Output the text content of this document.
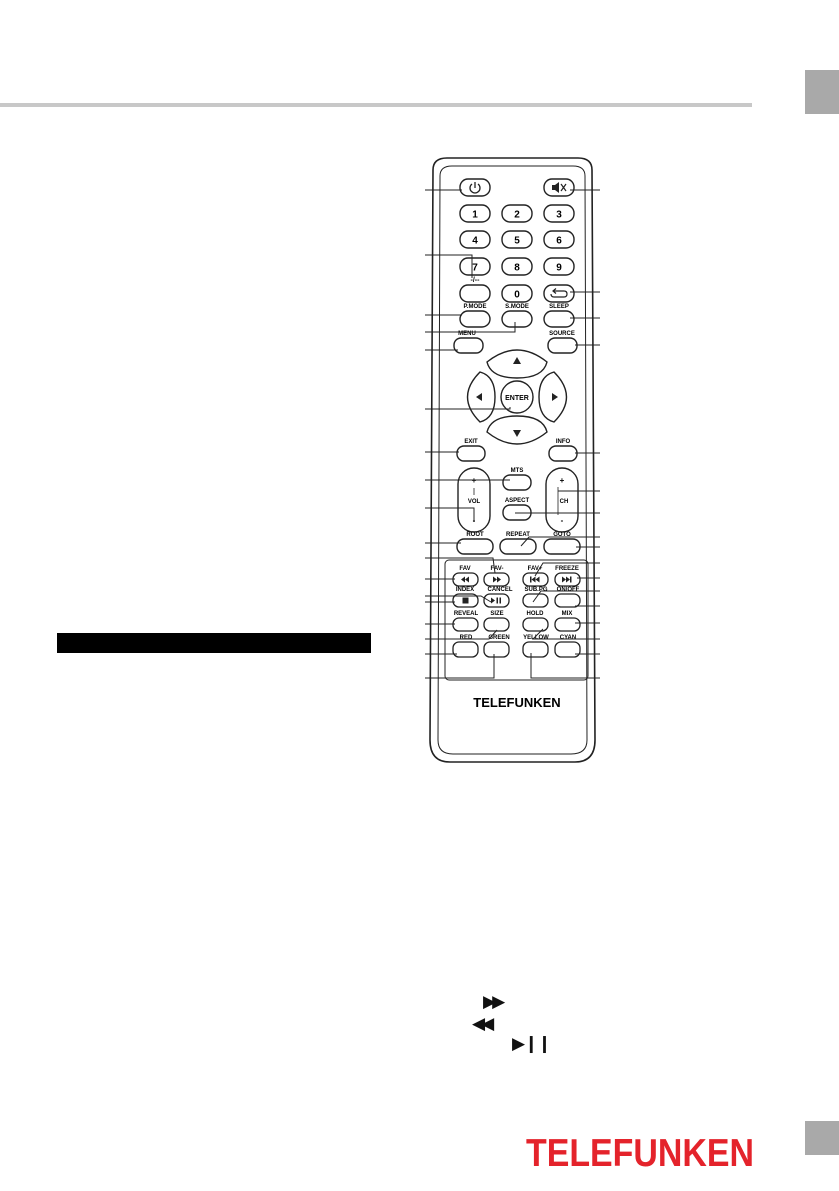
1	2	3
4	5	6
7	8	9
0
-/--
P.MODE	S.MODE	SLEEP
MENU	SOURCE
ENTER
EXIT	INFO
+
VOL
-
+
CH
-
MTS
ASPECT
ROOT	REPEAT	GOTO
FAV	FAV-	FAV+ FREEZE
INDEX CANCEL SUB.PG ON/OFF
REVEAL SIZE	HOLD	MIX
RED	GREEN YELLOW CYAN
TELEFUNKEN
▶▶
◀◀
▶❙❙
TELEFUNKEN
